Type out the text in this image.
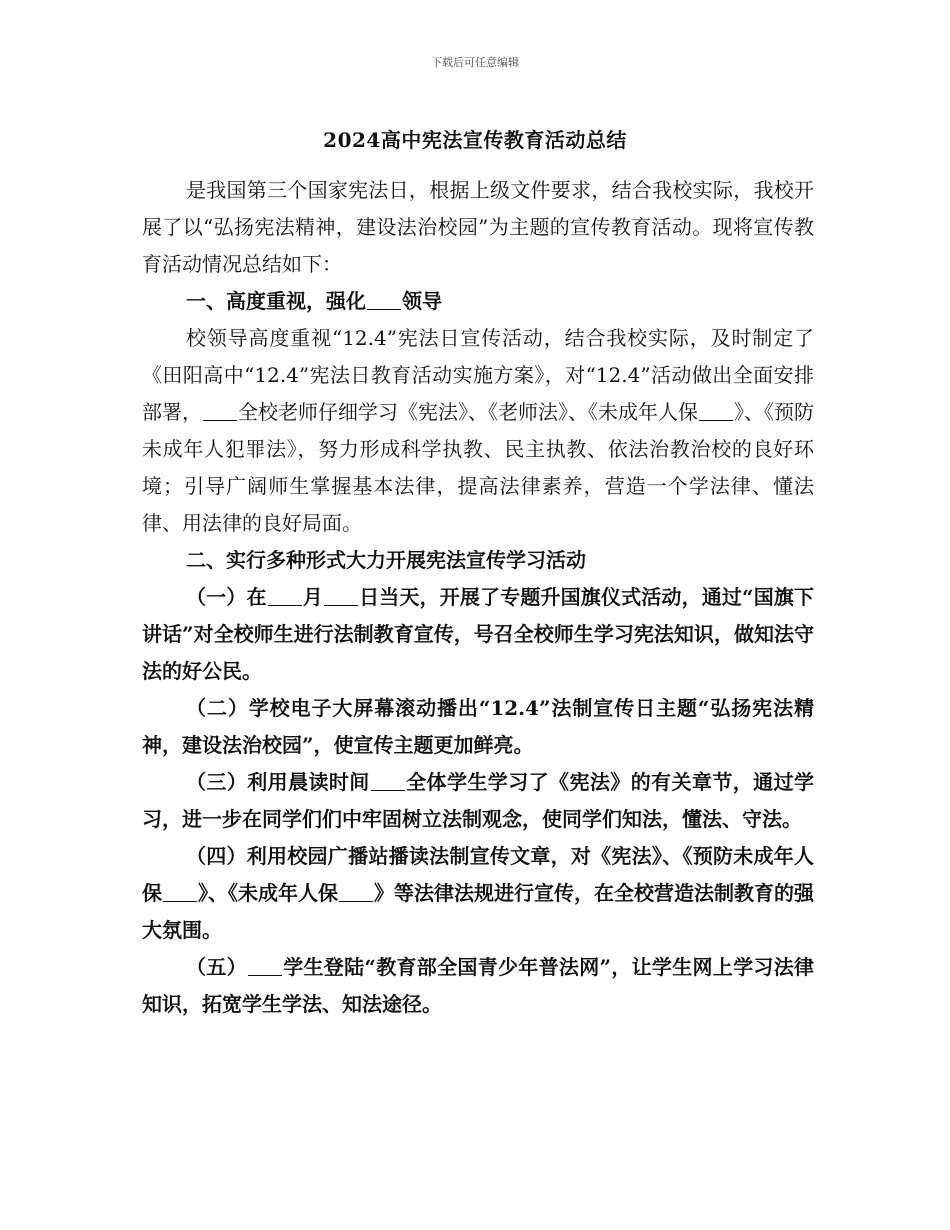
下载后可任意编辑
2024高中宪法宣传教育活动总结

是我国第三个国家宪法日，根据上级文件要求，结合我校实际，我校开展了以“弘扬宪法精神，建设法治校园”为主题的宣传教育活动。现将宣传教育活动情况总结如下：

一、高度重视，强化 领导

校领导高度重视“12.4”宪法日宣传活动，结合我校实际，及时制定了《田阳高中“12.4”宪法日教育活动实施方案》，对“12.4”活动做出全面安排部署， 全校老师仔细学习《宪法》、《老师法》、《未成年人保 》、《预防未成年人犯罪法》，努力形成科学执教、民主执教、依法治教治校的良好环境；引导广阔师生掌握基本法律，提高法律素养，营造一个学法律、懂法律、用法律的良好局面。

二、实行多种形式大力开展宪法宣传学习活动

（一）在 月 日当天，开展了专题升国旗仪式活动，通过“国旗下讲话”对全校师生进行法制教育宣传，号召全校师生学习宪法知识，做知法守法的好公民。

（二）学校电子大屏幕滚动播出“12.4”法制宣传日主题“弘扬宪法精神，建设法治校园”，使宣传主题更加鲜亮。

（三）利用晨读时间 全体学生学习了《宪法》的有关章节，通过学习，进一步在同学们们中牢固树立法制观念，使同学们知法，懂法、守法。

（四）利用校园广播站播读法制宣传文章，对《宪法》、《预防未成年人保 》、《未成年人保 》等法律法规进行宣传，在全校营造法制教育的强大氛围。

（五） 学生登陆“教育部全国青少年普法网”，让学生网上学习法律知识，拓宽学生学法、知法途径。
